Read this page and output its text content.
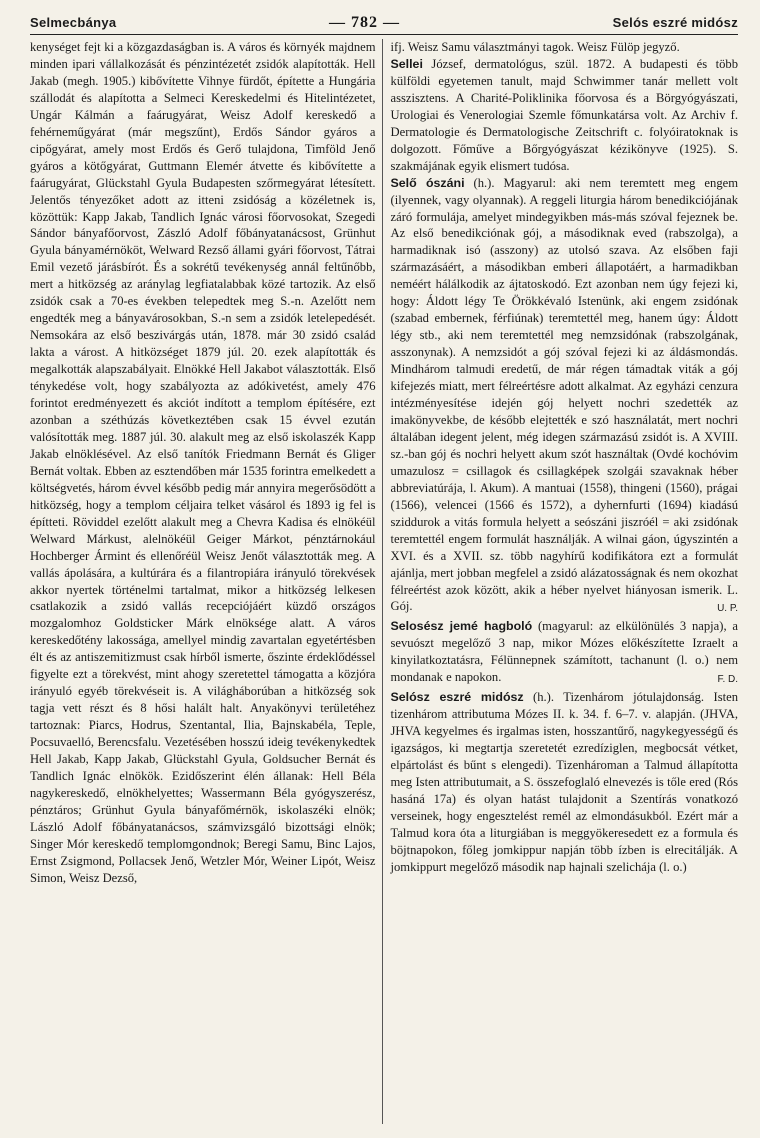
Selmecbánya	— 782 —	Selós eszré midósz

kenységet fejt ki a közgazdaságban is. A város és környék majdnem minden ipari vállalkozását és pénzintézetét zsidók alapították. Hell Jakab (megh. 1905.) kibővítette Vihnye fürdőt, építette a Hungária szállodát és alapította a Selmeci Kereskedelmi és Hitelintézetet, Ungár Kálmán a faárugyárat, Weisz Adolf kereskedő a fehérneműgyárat (már megszűnt), Erdős Sándor gyáros a cipőgyárat, amely most Erdős és Gerő tulajdona, Timföld Jenő gyáros a kötőgyárat, Guttmann Elemér átvette és kibővítette a faárugyárat, Glückstahl Gyula Budapesten szőrmegyárat létesített. Jelentős tényezőket adott az itteni zsidóság a közéletnek is, közöttük: Kapp Jakab, Tandlich Ignác városi főorvosokat, Szegedi Sándor bányafőorvost, Zászló Adolf főbányatanácsost, Grünhut Gyula bányamérnököt, Welward Rezső állami gyári főorvost, Tátrai Emil vezető járásbírót. És a sokrétű tevékenység annál feltűnőbb, mert a hitközség az aránylag legfiatalabbak közé tartozik. Az első zsidók csak a 70-es években telepedtek meg S.-n. Azelőtt nem engedték meg a bányavárosokban, S.-n sem a zsidók letelepedését. Nemsokára az első beszivárgás után, 1878. már 30 zsidó család lakta a várost. A hitközséget 1879 júl. 20. ezek alapították és megalkották alapszabályait. Elnökké Hell Jakabot választották. Első ténykedése volt, hogy szabályozta az adókivetést, amely 476 forintot eredményezett és akciót indított a templom építésére, ezt azonban a széthúzás következtében csak 15 évvel ezután valósították meg. 1887 júl. 30. alakult meg az első iskolaszék Kapp Jakab elnöklésével. Az első tanítók Friedmann Bernát és Gliger Bernát voltak. Ebben az esztendőben már 1535 forintra emelkedett a költségvetés, három évvel később pedig már annyira megerősödött a hitközség, hogy a templom céljaira telket vásárol és 1893 ig fel is építteti. Röviddel ezelőtt alakult meg a Chevra Kadisa és elnökéül Welward Márkust, alelnökéül Geiger Márkot, pénztárnokául Hochberger Ármint és ellenőréül Weisz Jenőt választották meg. A vallás ápolására, a kultúrára és a filantropiára irányuló törekvések akkor nyertek történelmi tartalmat, mikor a hitközség lelkesen csatlakozik a zsidó vallás recepciójáért küzdő országos mozgalomhoz Goldsticker Márk elnöksége alatt. A város kereskedőtény lakossága, amellyel mindig zavartalan egyetértésben élt és az antiszemitizmust csak hírből ismerte, őszinte érdeklődéssel figyelte ezt a törekvést, mint ahogy szeretettel támogatta a közjóra irányuló egyéb törekvéseit is. A világháborúban a hitközség sok tagja vett részt és 8 hősi halált halt. Anyakönyvi területéhez tartoznak: Piarcs, Hodrus, Szentantal, Ilia, Bajnskabéla, Teple, Pocsuvaelló, Berencsfalu. Vezetésében hosszú ideig tevékenykedtek Hell Jakab, Kapp Jakab, Glückstahl Gyula, Goldsucher Bernát és Tandlich Ignác elnökök. Ezidőszerint élén állanak: Hell Béla nagykereskedő, elnökhelyettes; Wassermann Béla gyógyszerész, pénztáros; Grünhut Gyula bányafőmérnök, iskolaszéki elnök; László Adolf főbányatanácsos, számvizsgáló bizottsági elnök; Singer Mór kereskedő templomgondnok; Beregi Samu, Binc Lajos, Ernst Zsigmond, Pollacsek Jenő, Wetzler Mór, Weiner Lipót, Weisz Simon, Weisz Dezső,

ifj. Weisz Samu választmányi tagok. Weisz Fülöp jegyző.

Sellei József, dermatológus, szül. 1872. A budapesti és több külföldi egyetemen tanult, majd Schwimmer tanár mellett volt asszisztens. A Charité-Poliklinika főorvosa és a Börgyógyászati, Urologiai és Venerologiai Szemle főmunkatársa volt. Az Archiv f. Dermatologie és Dermatologische Zeitschrift c. folyóiratoknak is dolgozott. Főműve a Bőrgyógyászat kézikönyve (1925). S. szakmájának egyik elismert tudósa.

Selő ószáni (h.). Magyarul: aki nem teremtett meg engem (ilyennek, vagy olyannak). A reggeli liturgia három benedikciójának záró formulája, amelyet mindegyikben más-más szóval fejeznek be. Az első benedikciónak gój, a másodiknak eved (rabszolga), a harmadiknak isó (asszony) az utolsó szava. Az elsőben faji származásáért, a másodikban emberi állapotáért, a harmadikban neméért hálálkodik az ájtatoskodó. Ezt azonban nem úgy fejezi ki, hogy: Áldott légy Te Örökkévaló Istenünk, aki engem zsidónak (szabad embernek, férfiúnak) teremtettél meg, hanem úgy: Áldott légy stb., aki nem teremtettél meg nemzsidónak (rabszolgának, asszonynak). A nemzsidót a gój szóval fejezi ki az áldásmondás. Mindhárom talmudi eredetű, de már régen támadtak viták a gój kifejezés miatt, mert félreértésre adott alkalmat. Az egyházi cenzura intézményesítése idején gój helyett nochri szedették az imakönyvekbe, de később elejtették e szó használatát, mert nochri általában idegent jelent, még idegen származású zsidót is. A XVIII. sz.-ban gój és nochri helyett akum szót használtak (Ovdé kochóvim umazulosz = csillagok és csillagképek szolgái szavaknak héber abbreviatúrája, l. Akum). A mantuai (1558), thingeni (1560), prágai (1566), velencei (1566 és 1572), a dyhernfurti (1694) kiadású sziddurok a vitás formula helyett a seószáni jiszróél = aki zsidónak teremtettél engem formulát használják. A wilnai gáon, úgyszintén a XVI. és a XVII. sz. több nagyhírű kodifikátora ezt a formulát ajánlja, mert jobban megfelel a zsidó alázatosságnak és nem okozhat félreértést azok között, akik a héber nyelvet hiányosan ismerik. L. Gój.	U. P.

Selosész jemé hagboló (magyarul: az elkülönülés 3 napja), a sevuószt megelőző 3 nap, mikor Mózes előkészítette Izraelt a kinyilatkoztatásra, Félünnepnek számított, tachanunt (l. o.) nem mondanak e napokon.	F. D.

Selósz eszré midósz (h.). Tizenhárom jótulajdonság. Isten tizenhárom attributuma Mózes II. k. 34. f. 6–7. v. alapján. (JHVA, JHVA kegyelmes és irgalmas isten, hosszantűrő, nagykegyességű és igazságos, ki megtartja szeretetét ezredíziglen, megbocsát vétket, elpártolást és bűnt s elengedi). Tizenhároman a Talmud állapította meg Isten attributumait, a S. összefoglaló elnevezés is tőle ered (Rós hasáná 17a) és olyan hatást tulajdonit a Szentírás vonatkozó verseinek, hogy engesztelést remél az elmondásukból. Ezért már a Talmud kora óta a liturgiában is meggyökeresedett ez a formula és böjtnapokon, főleg jomkippur napján több ízben is elrecitálják. A jomkippurt megelőző második nap hajnali szelichája (l. o.)
